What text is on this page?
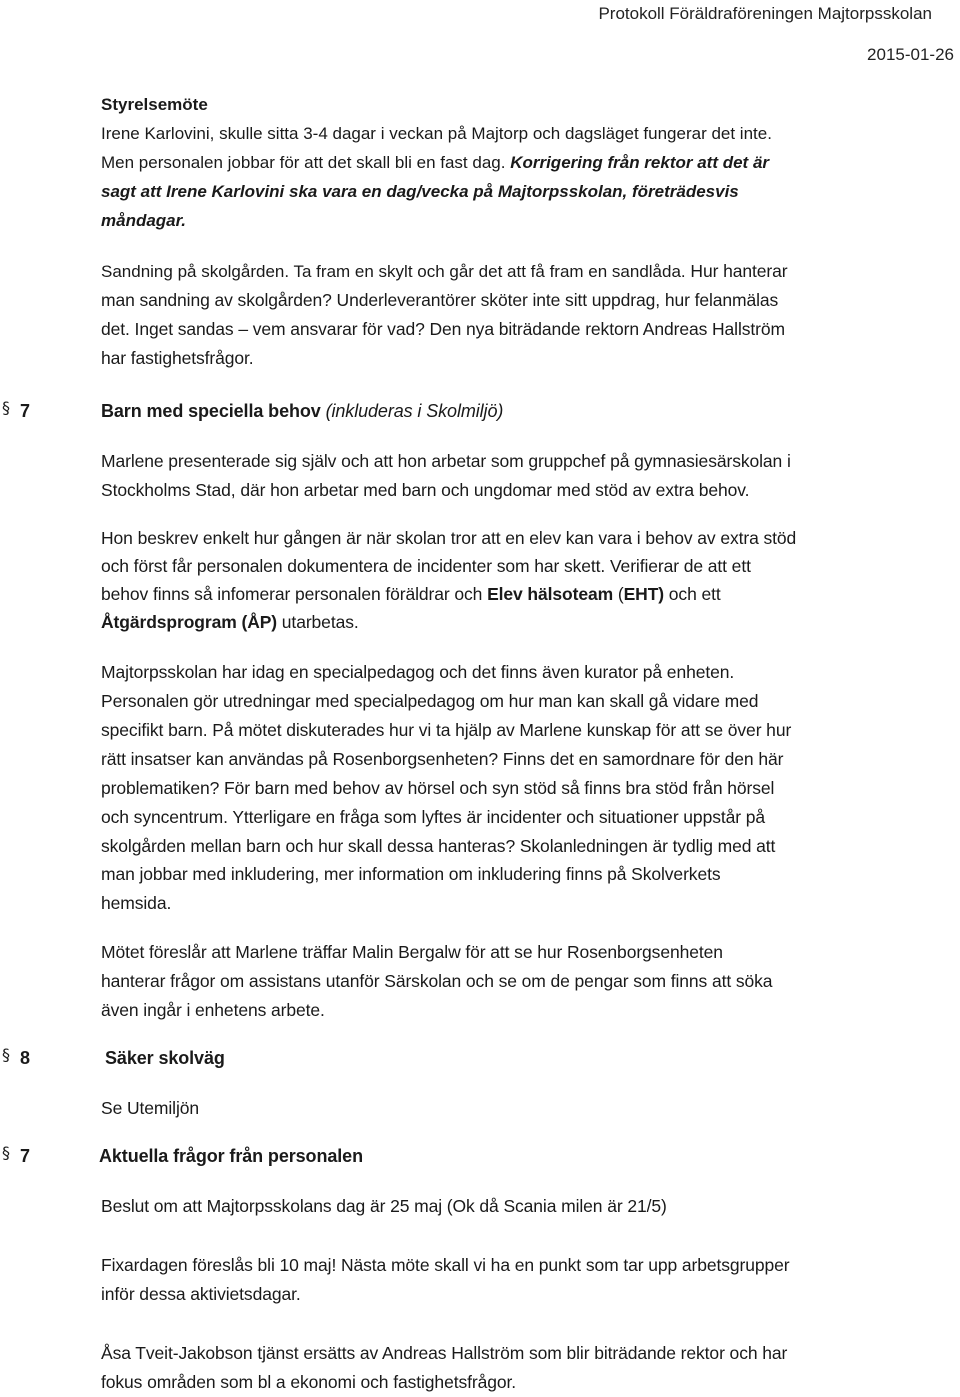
Protokoll Föräldraföreningen Majtorpsskolan
2015-01-26
Styrelsemöte
Irene Karlovini, skulle sitta 3-4 dagar i veckan på Majtorp och dagsläget fungerar det inte.
Men personalen jobbar för att det skall bli en fast dag. Korrigering från rektor att det är
sagt att Irene Karlovini ska vara en dag/vecka på Majtorpsskolan, företrädesvis
måndagar.
Sandning på skolgården. Ta fram en skylt och går det att få fram en sandlåda. Hur hanterar
man sandning av skolgården? Underleverantörer sköter inte sitt uppdrag, hur felanmälas
det. Inget sandas – vem ansvarar för vad? Den nya biträdande rektorn Andreas Hallström
har fastighetsfrågor.
§ 7	Barn med speciella behov (inkluderas i Skolmiljö)
Marlene presenterade sig själv och att hon arbetar som gruppchef på gymnasiesärskolan i
Stockholms Stad, där hon arbetar med barn och ungdomar med stöd av extra behov.
Hon beskrev enkelt hur gången är när skolan tror att en elev kan vara i behov av extra stöd
och först får personalen dokumentera de incidenter som har skett. Verifierar de att ett
behov finns så infomerar personalen föräldrar och Elev hälsoteam (EHT) och ett
Åtgärdsprogram (ÅP) utarbetas.
Majtorpsskolan har idag en specialpedagog och det finns även kurator på enheten.
Personalen gör utredningar med specialpedagog om hur man kan skall gå vidare med
specifikt barn. På mötet diskuterades hur vi ta hjälp av Marlene kunskap för att se över hur
rätt insatser kan användas på Rosenborgsenheten? Finns det en samordnare för den här
problematiken? För barn med behov av hörsel och syn stöd så finns bra stöd från hörsel
och syncentrum. Ytterligare en fråga som lyftes är incidenter och situationer uppstår på
skolgården mellan barn och hur skall dessa hanteras? Skolanledningen är tydlig med att
man jobbar med inkludering, mer information om inkludering finns på Skolverkets
hemsida.
Mötet föreslår att Marlene träffar Malin Bergalw för att se hur Rosenborgsenheten
hanterar frågor om assistans utanför Särskolan och se om de pengar som finns att söka
även ingår i enhetens arbete.
§ 8	Säker skolväg
Se Utemiljön
§ 7	Aktuella frågor från personalen
Beslut om att Majtorpsskolans dag är 25 maj (Ok då Scania milen är 21/5)
Fixardagen föreslås bli 10 maj! Nästa möte skall vi ha en punkt som tar upp arbetsgrupper
inför dessa aktivietsdagar.
Åsa Tveit-Jakobson tjänst ersätts av Andreas Hallström som blir biträdande rektor och har
fokus områden som bl a ekonomi och fastighetsfrågor.
